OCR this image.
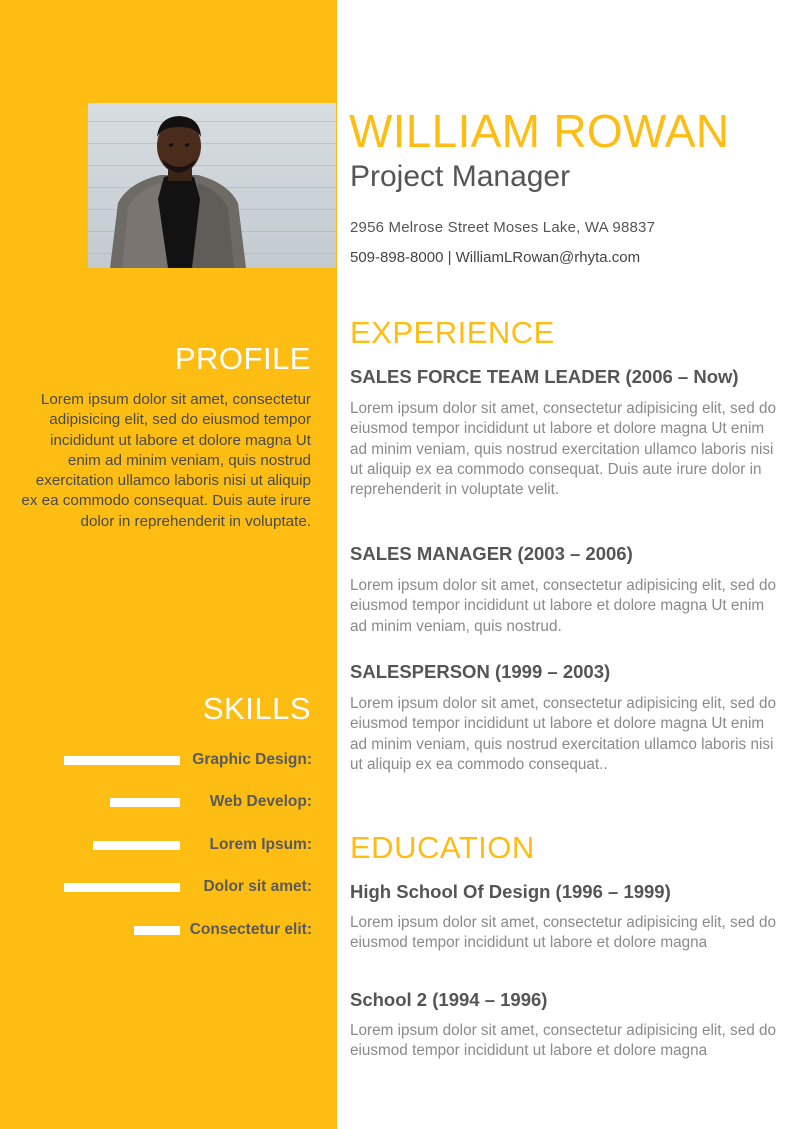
WILLIAM ROWAN
Project Manager
2956 Melrose Street Moses Lake, WA 98837
509-898-8000 | WilliamLRowan@rhyta.com
PROFILE
Lorem ipsum dolor sit amet, consectetur adipisicing elit, sed do eiusmod tempor incididunt ut labore et dolore magna Ut enim ad minim veniam, quis nostrud exercitation ullamco laboris nisi ut aliquip ex ea commodo consequat. Duis aute irure dolor in reprehenderit in voluptate.
SKILLS
Graphic Design:
Web Develop:
Lorem Ipsum:
Dolor sit amet:
Consectetur elit:
EXPERIENCE
SALES FORCE TEAM LEADER (2006 – Now)
Lorem ipsum dolor sit amet, consectetur adipisicing elit, sed do eiusmod tempor incididunt ut labore et dolore magna Ut enim ad minim veniam, quis nostrud exercitation ullamco laboris nisi ut aliquip ex ea commodo consequat. Duis aute irure dolor in reprehenderit in voluptate velit.
SALES MANAGER (2003 – 2006)
Lorem ipsum dolor sit amet, consectetur adipisicing elit, sed do eiusmod tempor incididunt ut labore et dolore magna Ut enim ad minim veniam, quis nostrud.
SALESPERSON (1999 – 2003)
Lorem ipsum dolor sit amet, consectetur adipisicing elit, sed do eiusmod tempor incididunt ut labore et dolore magna Ut enim ad minim veniam, quis nostrud exercitation ullamco laboris nisi ut aliquip ex ea commodo consequat..
EDUCATION
High School Of Design (1996 – 1999)
Lorem ipsum dolor sit amet, consectetur adipisicing elit, sed do eiusmod tempor incididunt ut labore et dolore magna
School 2 (1994 – 1996)
Lorem ipsum dolor sit amet, consectetur adipisicing elit, sed do eiusmod tempor incididunt ut labore et dolore magna
